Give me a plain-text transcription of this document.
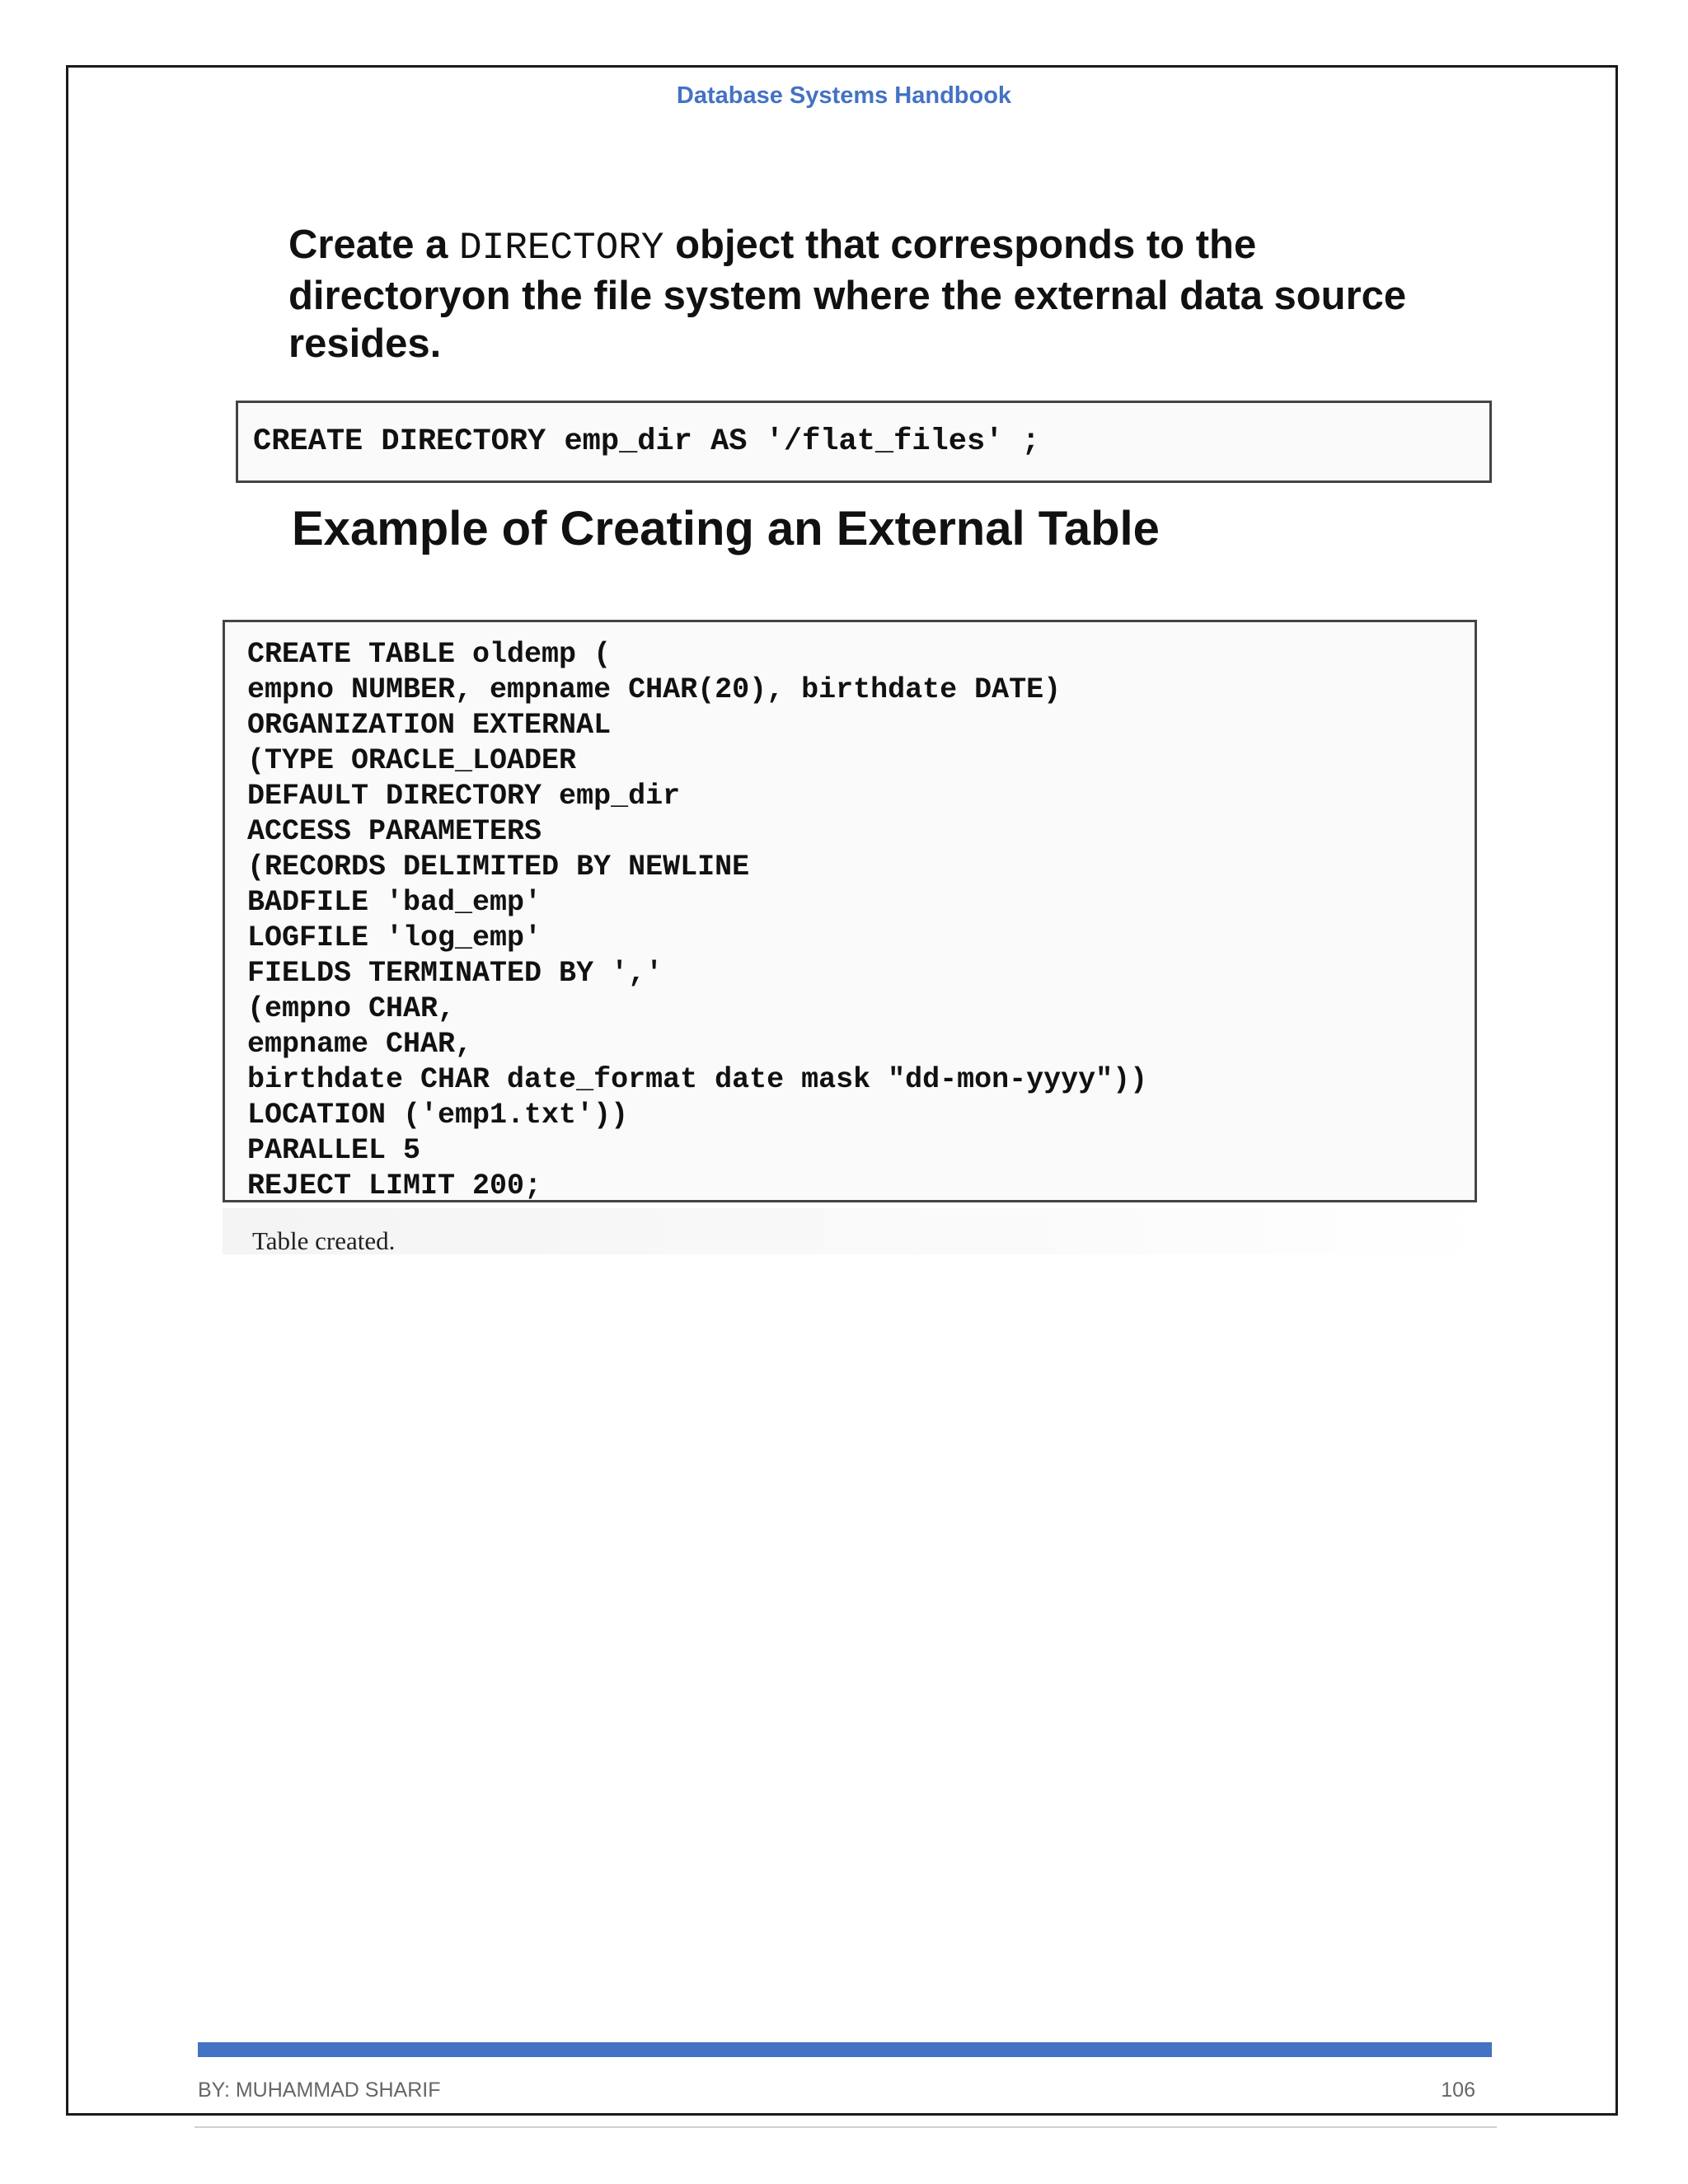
Database Systems Handbook
Create a DIRECTORY object that corresponds to the directoryon the file system where the external data source resides.
CREATE DIRECTORY emp_dir AS '/flat_files' ;
Example of Creating an External Table
CREATE TABLE oldemp (
empno NUMBER, empname CHAR(20), birthdate DATE)
ORGANIZATION EXTERNAL
(TYPE ORACLE_LOADER
DEFAULT DIRECTORY emp_dir
ACCESS PARAMETERS
(RECORDS DELIMITED BY NEWLINE
BADFILE 'bad_emp'
LOGFILE 'log_emp'
FIELDS TERMINATED BY ','
(empno CHAR,
empname CHAR,
birthdate CHAR date_format date mask "dd-mon-yyyy"))
LOCATION ('emp1.txt'))
PARALLEL 5
REJECT LIMIT 200;
Table created.
BY: MUHAMMAD SHARIF	106
